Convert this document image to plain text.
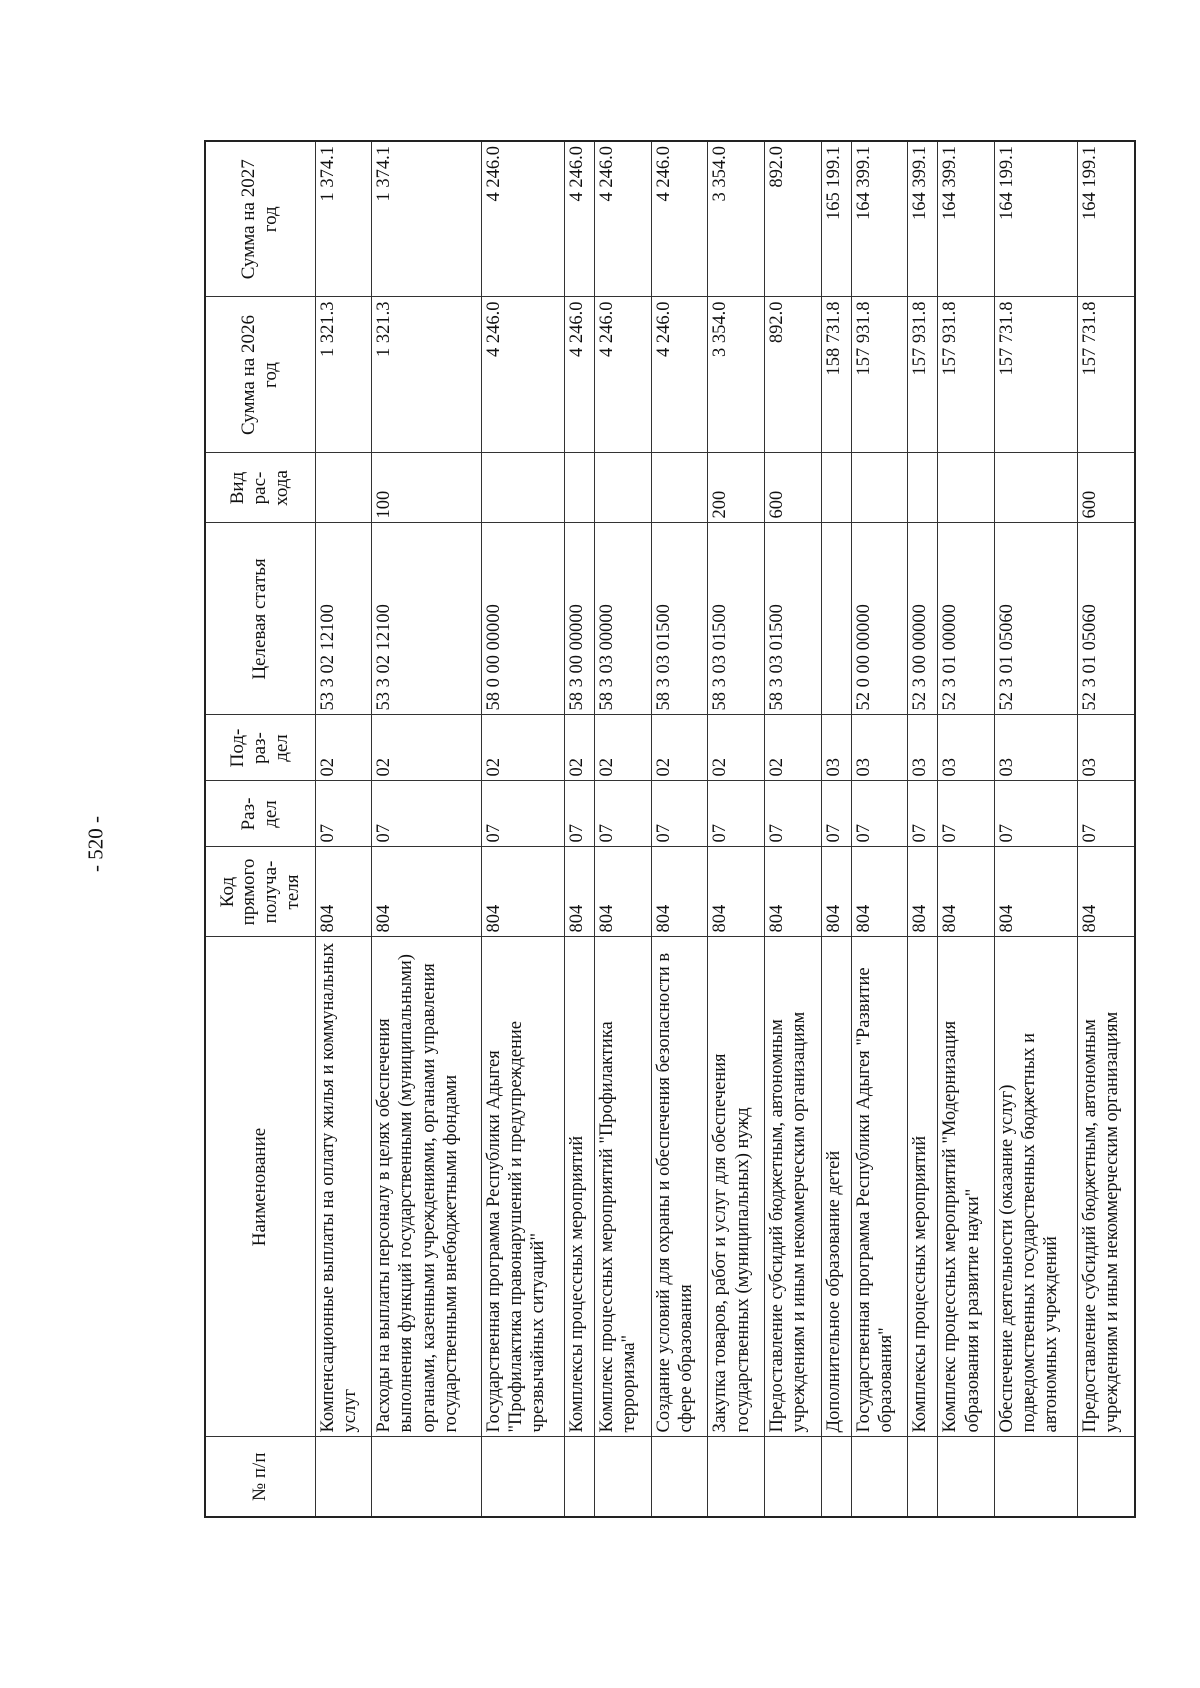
- 520 -
№ п/п	Наименование	Код прямого получа-теля	Раз-дел	Под-раз-дел	Целевая статья	Вид рас-хода	Сумма на 2026 год	Сумма на 2027 год
	Компенсационные выплаты на оплату жилья и коммунальных услуг	804	07	02	53 3 02 12100		1 321.3	1 374.1
	Расходы на выплаты персоналу в целях обеспечения выполнения функций государственными (муниципальными) органами, казенными учреждениями, органами управления государственными внебюджетными фондами	804	07	02	53 3 02 12100	100	1 321.3	1 374.1
	Государственная программа Республики Адыгея "Профилактика правонарушений и предупреждение чрезвычайных ситуаций"	804	07	02	58 0 00 00000		4 246.0	4 246.0
	Комплексы процессных мероприятий	804	07	02	58 3 00 00000		4 246.0	4 246.0
	Комплекс процессных мероприятий "Профилактика терроризма"	804	07	02	58 3 03 00000		4 246.0	4 246.0
	Создание условий для охраны и обеспечения безопасности в сфере образования	804	07	02	58 3 03 01500		4 246.0	4 246.0
	Закупка товаров, работ и услуг для обеспечения государственных (муниципальных) нужд	804	07	02	58 3 03 01500	200	3 354.0	3 354.0
	Предоставление субсидий бюджетным, автономным учреждениям и иным некоммерческим организациям	804	07	02	58 3 03 01500	600	892.0	892.0
	Дополнительное образование детей	804	07	03			158 731.8	165 199.1
	Государственная программа Республики Адыгея "Развитие образования"	804	07	03	52 0 00 00000		157 931.8	164 399.1
	Комплексы процессных мероприятий	804	07	03	52 3 00 00000		157 931.8	164 399.1
	Комплекс процессных мероприятий "Модернизация образования и развитие науки"	804	07	03	52 3 01 00000		157 931.8	164 399.1
	Обеспечение деятельности (оказание услуг) подведомственных государственных бюджетных и автономных учреждений	804	07	03	52 3 01 05060		157 731.8	164 199.1
	Предоставление субсидий бюджетным, автономным учреждениям и иным некоммерческим организациям	804	07	03	52 3 01 05060	600	157 731.8	164 199.1
